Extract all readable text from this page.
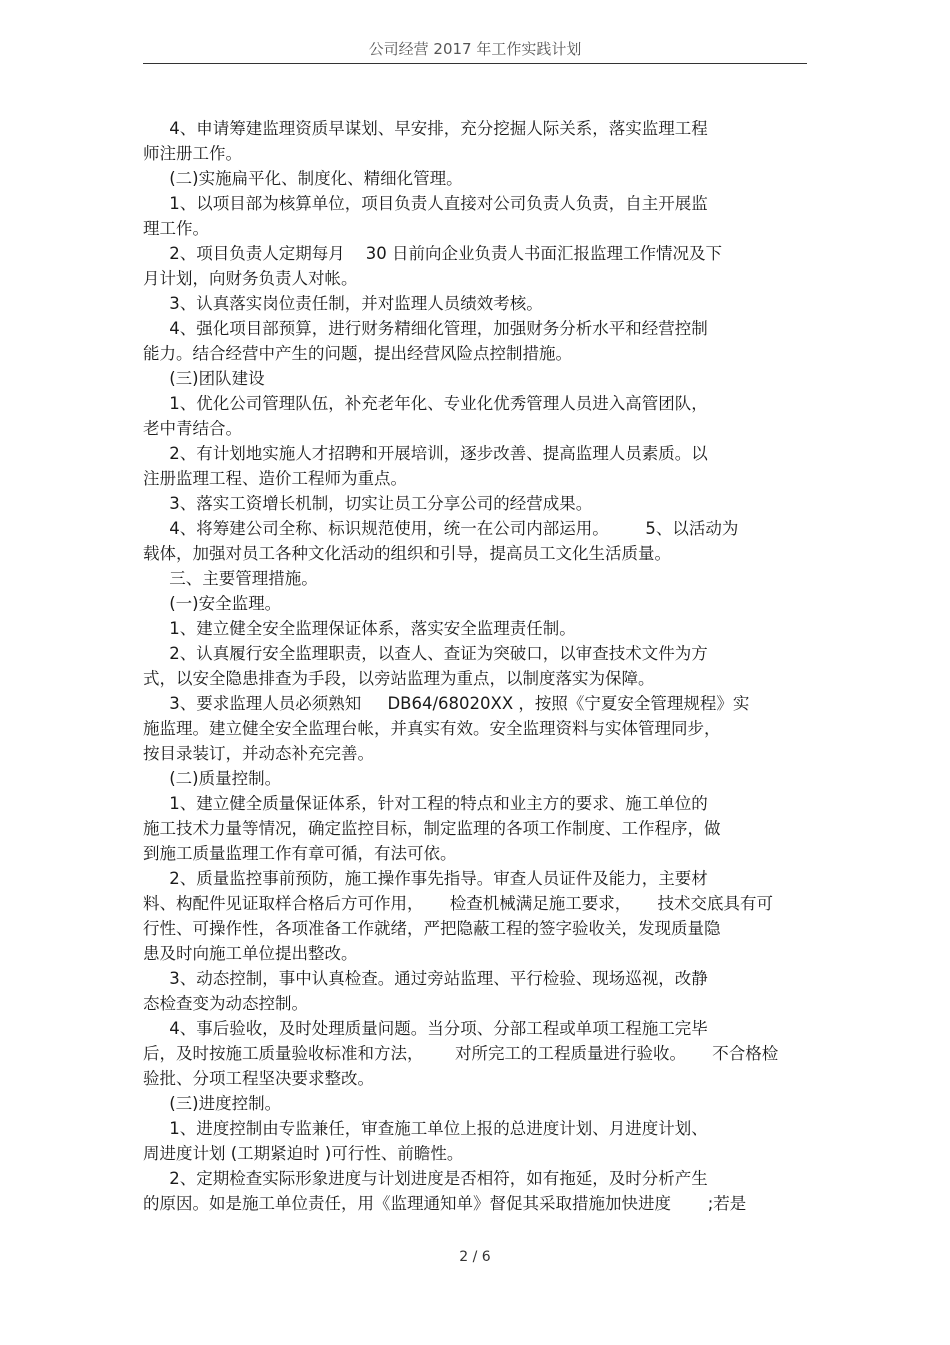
公司经营 2017 年工作实践计划
4、申请筹建监理资质早谋划、早安排，充分挖掘人际关系，落实监理工程
师注册工作。
(二)实施扁平化、制度化、精细化管理。
1、以项目部为核算单位，项目负责人直接对公司负责人负责，自主开展监
理工作。
2、项目负责人定期每月    30 日前向企业负责人书面汇报监理工作情况及下
月计划，向财务负责人对帐。
3、认真落实岗位责任制，并对监理人员绩效考核。
4、强化项目部预算，进行财务精细化管理，加强财务分析水平和经营控制
能力。结合经营中产生的问题，提出经营风险点控制措施。
(三)团队建设
1、优化公司管理队伍，补充老年化、专业化优秀管理人员进入高管团队，
老中青结合。
2、有计划地实施人才招聘和开展培训，逐步改善、提高监理人员素质。以
注册监理工程、造价工程师为重点。
3、落实工资增长机制，切实让员工分享公司的经营成果。
4、将筹建公司全称、标识规范使用，统一在公司内部运用。       5、以活动为
载体，加强对员工各种文化活动的组织和引导，提高员工文化生活质量。
三、主要管理措施。
(一)安全监理。
1、建立健全安全监理保证体系，落实安全监理责任制。
2、认真履行安全监理职责，以查人、查证为突破口，以审查技术文件为方
式，以安全隐患排查为手段，以旁站监理为重点，以制度落实为保障。
3、要求监理人员必须熟知     DB64/68020XX ，按照《宁夏安全管理规程》实
施监理。建立健全安全监理台帐，并真实有效。安全监理资料与实体管理同步，
按目录装订，并动态补充完善。
(二)质量控制。
1、建立健全质量保证体系，针对工程的特点和业主方的要求、施工单位的
施工技术力量等情况，确定监控目标，制定监理的各项工作制度、工作程序，做
到施工质量监理工作有章可循，有法可依。
2、质量监控事前预防，施工操作事先指导。审查人员证件及能力，主要材
料、构配件见证取样合格后方可作用，     检查机械满足施工要求，     技术交底具有可
行性、可操作性，各项准备工作就绪，严把隐蔽工程的签字验收关，发现质量隐
患及时向施工单位提出整改。
3、动态控制，事中认真检查。通过旁站监理、平行检验、现场巡视，改静
态检查变为动态控制。
4、事后验收，及时处理质量问题。当分项、分部工程或单项工程施工完毕
后，及时按施工质量验收标准和方法，      对所完工的工程质量进行验收。     不合格检
验批、分项工程坚决要求整改。
(三)进度控制。
1、进度控制由专监兼任，审查施工单位上报的总进度计划、月进度计划、
周进度计划 (工期紧迫时 )可行性、前瞻性。
2、定期检查实际形象进度与计划进度是否相符，如有拖延，及时分析产生
的原因。如是施工单位责任，用《监理通知单》督促其采取措施加快进度       ;若是
2 / 6
